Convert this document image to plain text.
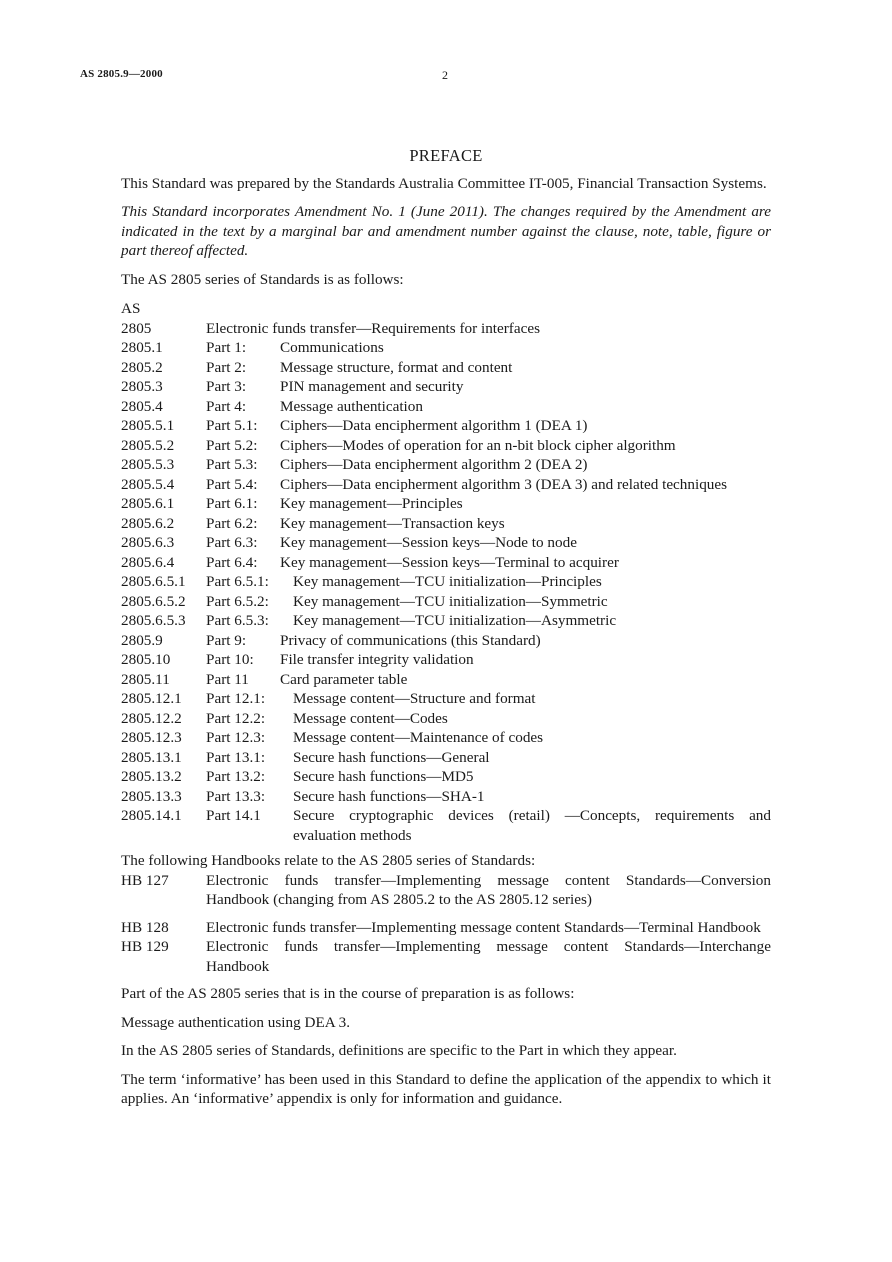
AS 2805.9—2000	2
PREFACE

This Standard was prepared by the Standards Australia Committee IT-005, Financial Transaction Systems.

This Standard incorporates Amendment No. 1 (June 2011). The changes required by the Amendment are indicated in the text by a marginal bar and amendment number against the clause, note, table, figure or part thereof affected.

The AS 2805 series of Standards is as follows:

AS
2805	Electronic funds transfer—Requirements for interfaces
2805.1	Part 1:	Communications
2805.2	Part 2:	Message structure, format and content
2805.3	Part 3:	PIN management and security
2805.4	Part 4:	Message authentication
2805.5.1	Part 5.1:	Ciphers—Data encipherment algorithm 1 (DEA 1)
2805.5.2	Part 5.2:	Ciphers—Modes of operation for an n-bit block cipher algorithm
2805.5.3	Part 5.3:	Ciphers—Data encipherment algorithm 2 (DEA 2)
2805.5.4	Part 5.4:	Ciphers—Data encipherment algorithm 3 (DEA 3) and related techniques
2805.6.1	Part 6.1:	Key management—Principles
2805.6.2	Part 6.2:	Key management—Transaction keys
2805.6.3	Part 6.3:	Key management—Session keys—Node to node
2805.6.4	Part 6.4:	Key management—Session keys—Terminal to acquirer
2805.6.5.1	Part 6.5.1:	Key management—TCU initialization—Principles
2805.6.5.2	Part 6.5.2:	Key management—TCU initialization—Symmetric
2805.6.5.3	Part 6.5.3:	Key management—TCU initialization—Asymmetric
2805.9	Part 9:	Privacy of communications (this Standard)
2805.10	Part 10:	File transfer integrity validation
2805.11	Part 11	Card parameter table
2805.12.1	Part 12.1:	Message content—Structure and format
2805.12.2	Part 12.2:	Message content—Codes
2805.12.3	Part 12.3:	Message content—Maintenance of codes
2805.13.1	Part 13.1:	Secure hash functions—General
2805.13.2	Part 13.2:	Secure hash functions—MD5
2805.13.3	Part 13.3:	Secure hash functions—SHA-1
2805.14.1	Part 14.1	Secure cryptographic devices (retail) —Concepts, requirements and evaluation methods

The following Handbooks relate to the AS 2805 series of Standards:

HB 127	Electronic funds transfer—Implementing message content Standards—Conversion Handbook (changing from AS 2805.2 to the AS 2805.12 series)
HB 128	Electronic funds transfer—Implementing message content Standards—Terminal Handbook
HB 129	Electronic funds transfer—Implementing message content Standards—Interchange Handbook

Part of the AS 2805 series that is in the course of preparation is as follows:

Message authentication using DEA 3.

In the AS 2805 series of Standards, definitions are specific to the Part in which they appear.

The term ‘informative’ has been used in this Standard to define the application of the appendix to which it applies. An ‘informative’ appendix is only for information and guidance.
